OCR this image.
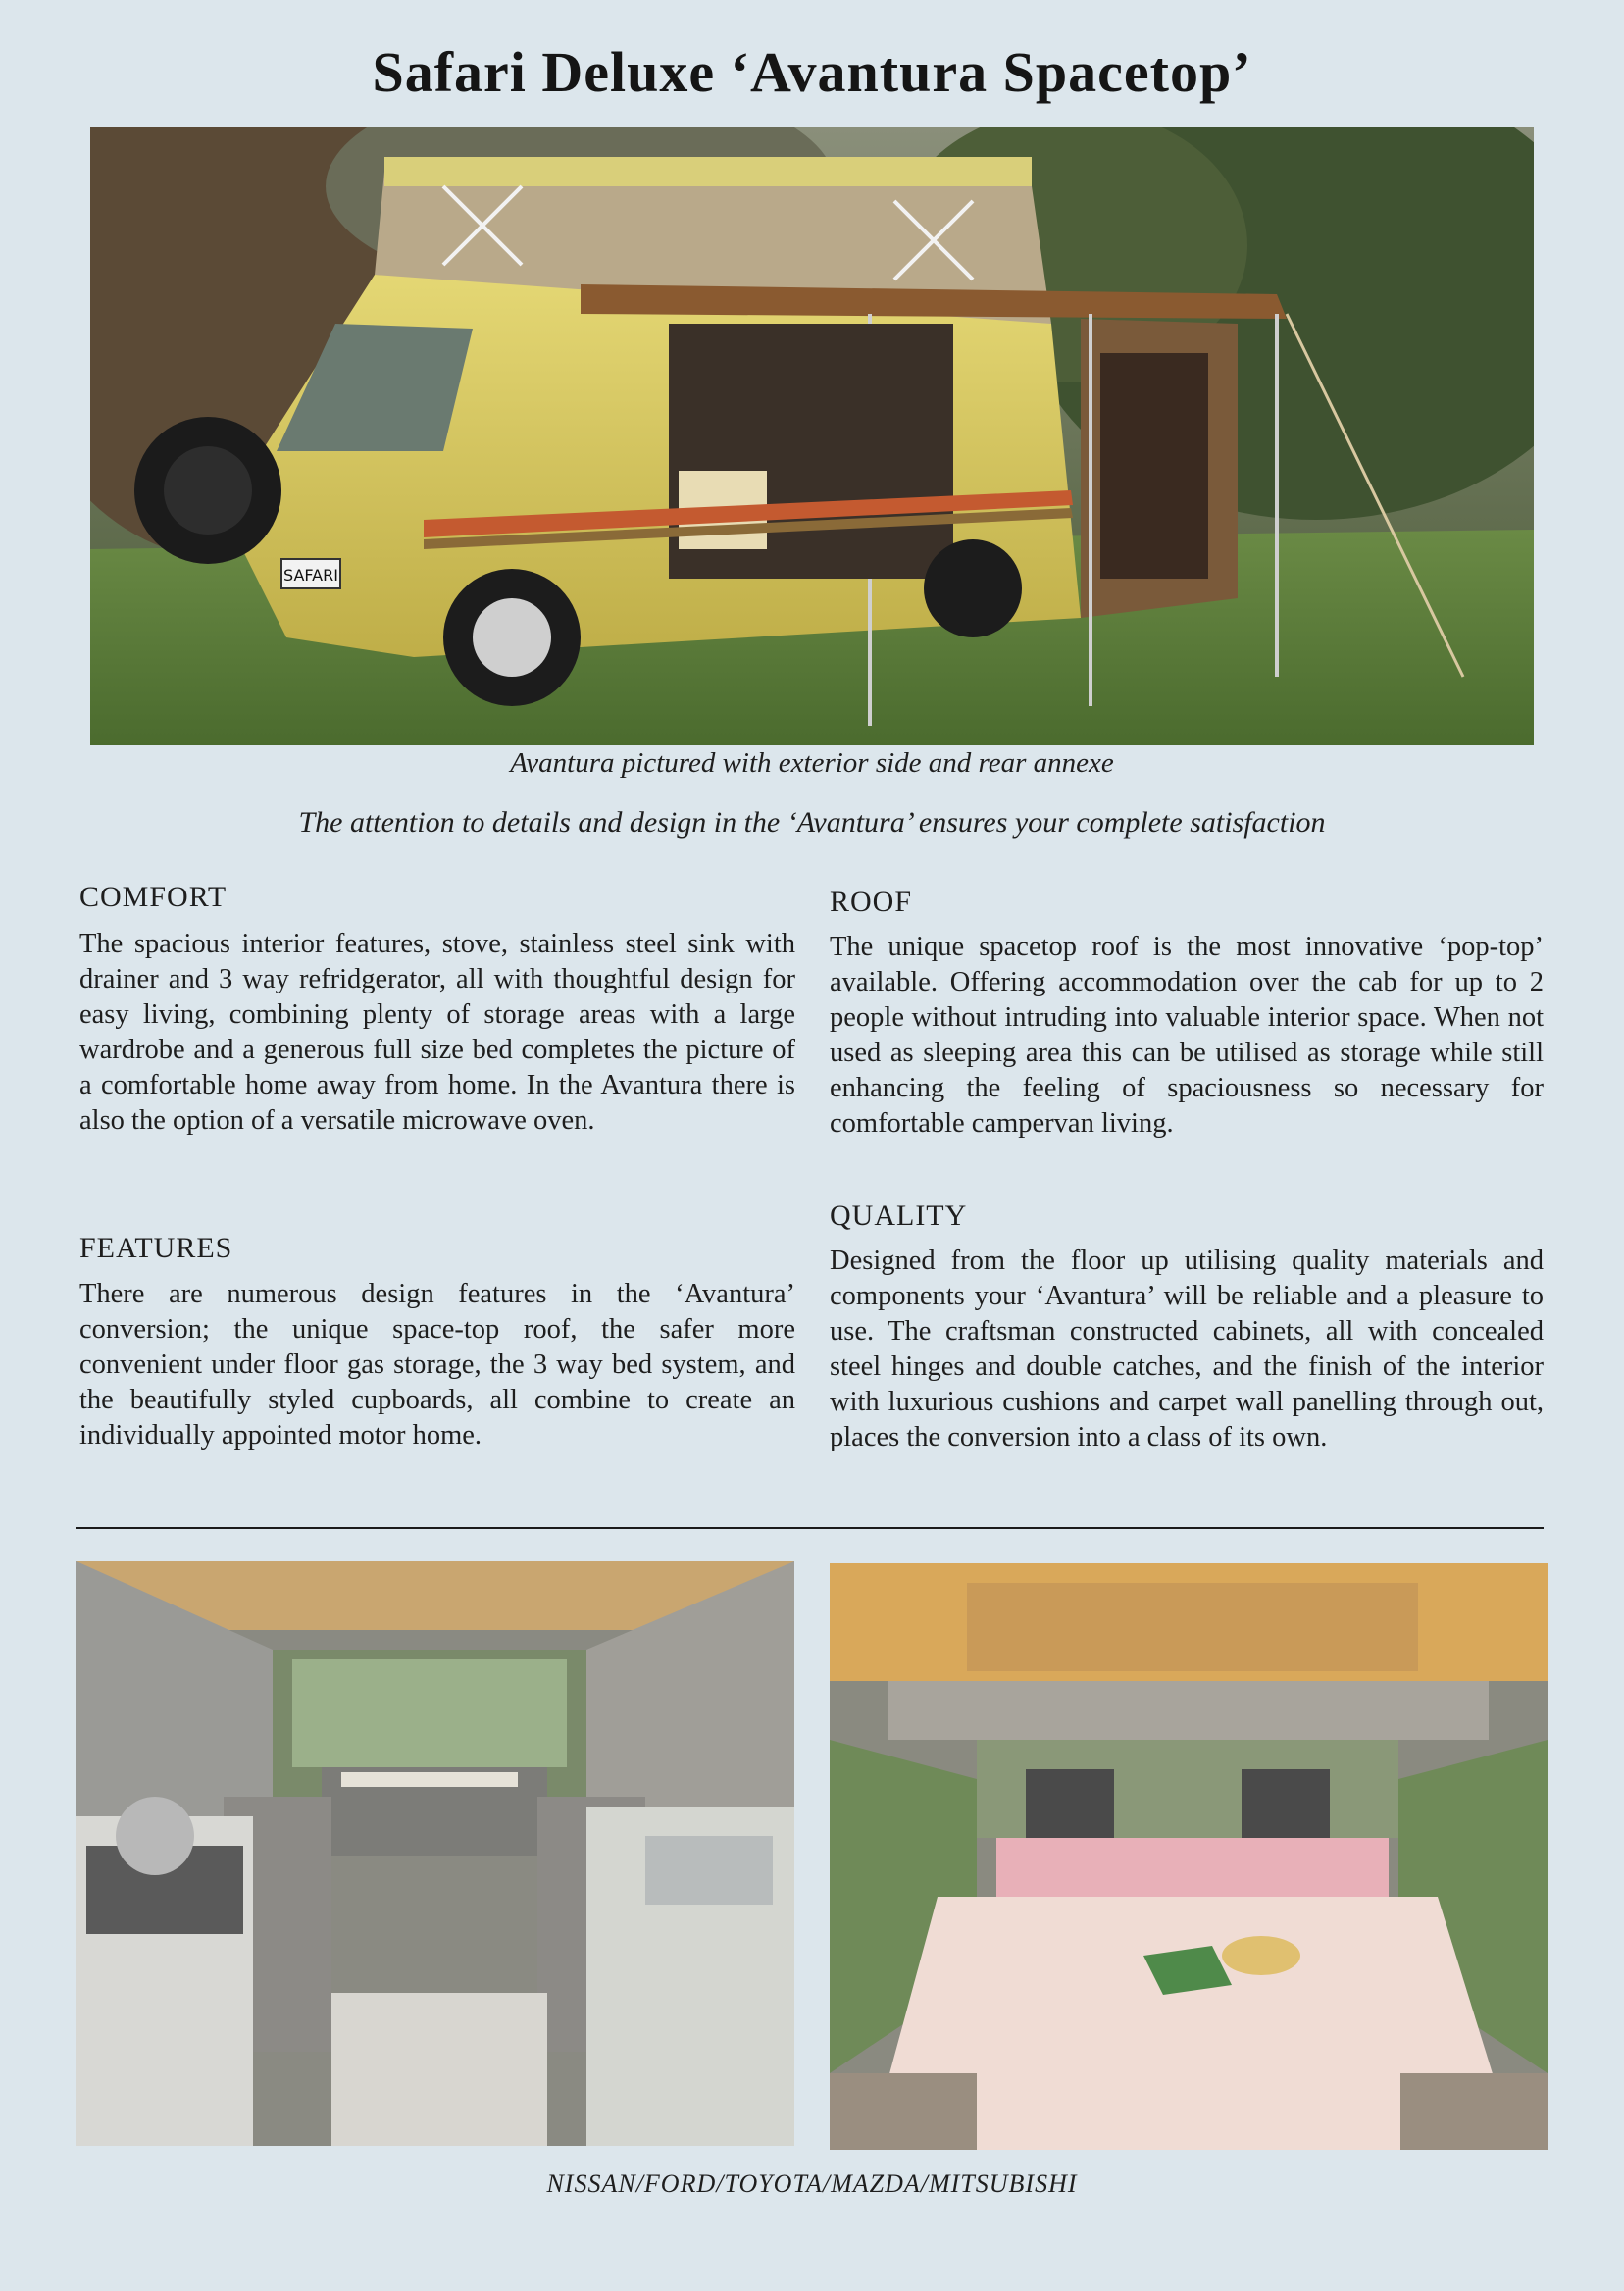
Safari Deluxe ‘Avantura Spacetop’
SAFARI
Avantura pictured with exterior side and rear annexe
The attention to details and design in the ‘Avantura’ ensures your complete satisfaction
COMFORT

The spacious interior features, stove, stainless steel sink with drainer and 3 way refridgerator, all with thoughtful design for easy living, combining plenty of storage areas with a large wardrobe and a generous full size bed completes the picture of a comfortable home away from home. In the Avantura there is also the option of a versatile microwave oven.

FEATURES

There are numerous design features in the ‘Avantura’ conversion; the unique space-top roof, the safer more convenient under floor gas storage, the 3 way bed system, and the beautifully styled cupboards, all combine to create an individually appointed motor home.

ROOF

The unique spacetop roof is the most innovative ‘pop-top’ available. Offering accommodation over the cab for up to 2 people without intruding into valuable interior space. When not used as sleeping area this can be utilised as storage while still enhancing the feeling of spaciousness so necessary for comfortable campervan living.

QUALITY

Designed from the floor up utilising quality materials and components your ‘Avantura’ will be reliable and a pleasure to use. The craftsman constructed cabinets, all with concealed steel hinges and double catches, and the finish of the interior with luxurious cushions and carpet wall panelling through out, places the conversion into a class of its own.

NISSAN/FORD/TOYOTA/MAZDA/MITSUBISHI
